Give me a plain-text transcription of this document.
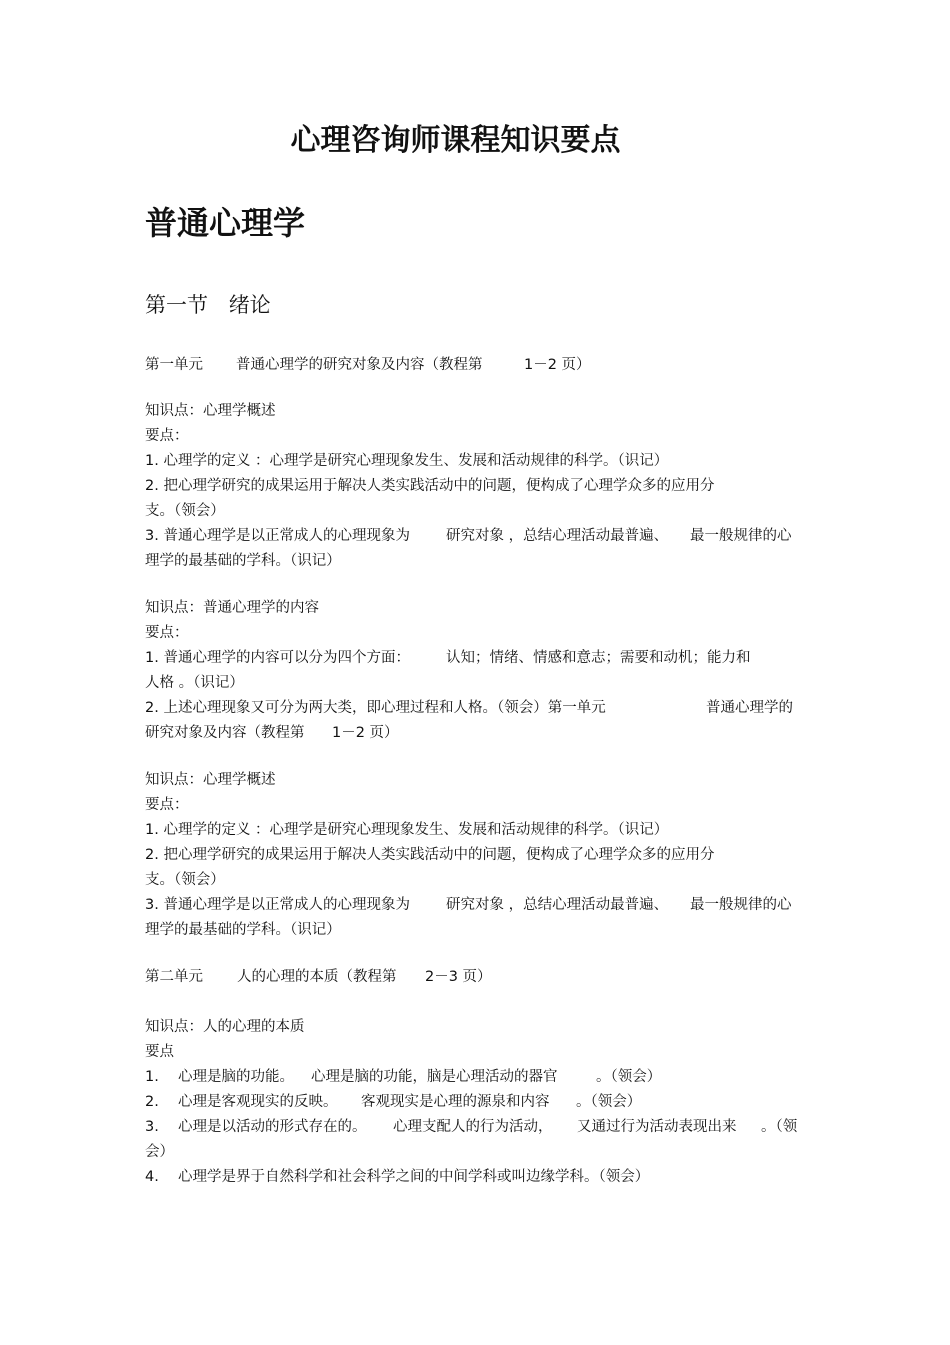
心理咨询师课程知识要点
普通心理学
第一节 绪论
第一单元 普通心理学的研究对象及内容（教程第	1－2 页）
知识点：心理学概述
要点：
1. 心理学的定义 ：心理学是研究心理现象发生、发展和活动规律的科学。（识记）
2. 把心理学研究的成果运用于解决人类实践活动中的问题，便构成了心理学众多的应用分
支。（领会）
3. 普通心理学是以正常成人的心理现象为 研究对象 ，总结心理活动最普遍、 最一般规律的心
理学的最基础的学科。（识记）
知识点：普通心理学的内容
要点：
1. 普通心理学的内容可以分为四个方面： 认知；情绪、情感和意志；需要和动机；能力和
人格 。（识记）
2. 上述心理现象又可分为两大类，即心理过程和人格。（领会）第一单元	普通心理学的
研究对象及内容（教程第 1－2 页）
知识点：心理学概述
要点：
1. 心理学的定义 ：心理学是研究心理现象发生、发展和活动规律的科学。（识记）
2. 把心理学研究的成果运用于解决人类实践活动中的问题，便构成了心理学众多的应用分
支。（领会）
3. 普通心理学是以正常成人的心理现象为 研究对象 ，总结心理活动最普遍、 最一般规律的心
理学的最基础的学科。（识记）
第二单元 人的心理的本质（教程第 2－3 页）
知识点：人的心理的本质
要点
1. 心理是脑的功能。 心理是脑的功能，脑是心理活动的器官	。（领会）
2. 心理是客观现实的反映。 客观现实是心理的源泉和内容 。（领会）
3. 心理是以活动的形式存在的。 心理支配人的行为活动， 又通过行为活动表现出来 。（领
会）
4. 心理学是界于自然科学和社会科学之间的中间学科或叫边缘学科。（领会）
